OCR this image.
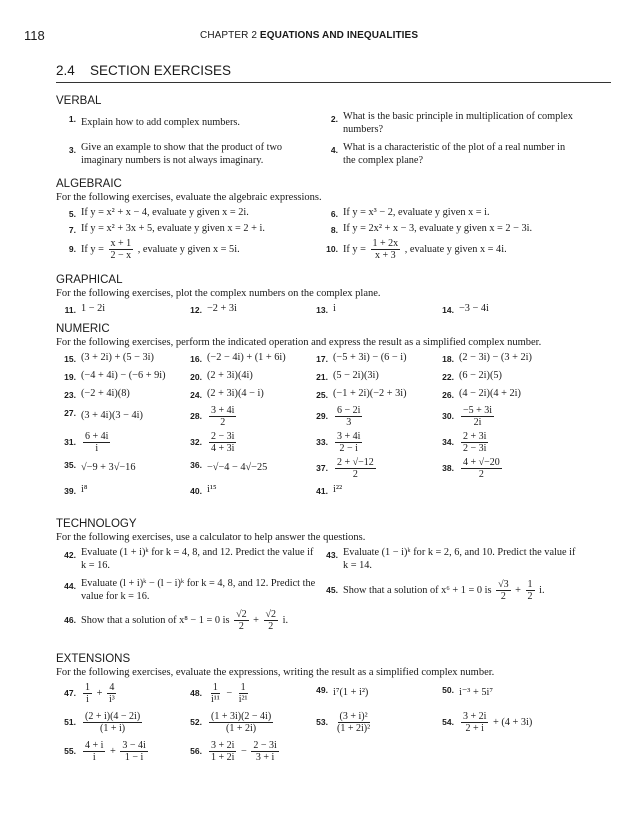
118	CHAPTER 2 EQUATIONS AND INEQUALITIES
2.4 SECTION EXERCISES
VERBAL
1. Explain how to add complex numbers.	2. What is the basic principle in multiplication of complex numbers?
3. Give an example to show that the product of two imaginary numbers is not always imaginary.
4. What is a characteristic of the plot of a real number in the complex plane?
ALGEBRAIC
For the following exercises, evaluate the algebraic expressions.
5. If y = x² + x − 4, evaluate y given x = 2i.	6. If y = x³ − 2, evaluate y given x = i.
7. If y = x² + 3x + 5, evaluate y given x = 2 + i.	8. If y = 2x² + x − 3, evaluate y given x = 2 − 3i.
9. If $y = \frac{x + 1}{2 - x}$ , evaluate y given x = 5i.	10. If $y = \frac{1 + 2x}{x + 3}$ , evaluate y given x = 4i.
GRAPHICAL
For the following exercises, plot the complex numbers on the complex plane.
11. 1 − 2i	12. −2 + 3i	13. i	14. −3 − 4i
NUMERIC
For the following exercises, perform the indicated operation and express the result as a simplified complex number.
15. (3 + 2i) + (5 − 3i)	16. (−2 − 4i) + (1 + 6i)	17. (−5 + 3i) − (6 − i)	18. (2 − 3i) − (3 + 2i)
19. (−4 + 4i) − (−6 + 9i)	20. (2 + 3i)(4i)	21. (5 − 2i)(3i)	22. (6 − 2i)(5)
23. (−2 + 4i)(8)	24. (2 + 3i)(4 − i)	25. (−1 + 2i)(−2 + 3i)	26. (4 − 2i)(4 + 2i)
27. (3 + 4i)(3 − 4i)	28. $\frac{3 + 4i}{2}$	29. $\frac{6 - 2i}{3}$	30. $\frac{-5 + 3i}{2i}$
31. $\frac{6 + 4i}{i}$	32. $\frac{2 - 3i}{4 + 3i}$	33. $\frac{3 + 4i}{2 - i}$	34. $\frac{2 + 3i}{2 - 3i}$
35. √−9 + 3√−16	36. −√−4 − 4√−25	37. $\frac{2 + √-12}{2}$	38. $\frac{4 + √-20}{2}$
39. i⁸	40. i¹⁵	41. i²²
TECHNOLOGY
For the following exercises, use a calculator to help answer the questions.
42. Evaluate (1 + i)ᵏ for k = 4, 8, and 12. Predict the value if k = 16.
43. Evaluate (1 − i)ᵏ for k = 2, 6, and 10. Predict the value if k = 14.
44. Evaluate (l + i)ᵏ − (l − i)ᵏ for k = 4, 8, and 12. Predict the value for k = 16.
45. Show that a solution of x⁶ + 1 = 0 is $\frac{√3}{2} + \frac{1}{2} i$.
46. Show that a solution of x⁸ − 1 = 0 is $\frac{√2}{2} + \frac{√2}{2} i$.
EXTENSIONS
For the following exercises, evaluate the expressions, writing the result as a simplified complex number.
47. $\frac{1}{i} + \frac{4}{\text{i³}}$	48. $\frac{1}{\text{i¹¹}} - \frac{1}{\text{i²¹}}$	49. i⁷(1 + i²)	50. i⁻³ + 5i⁷
51. $\frac{(2 + i)(4 - 2i)}{(1 + i)}$	52. $\frac{(1 + 3i)(2 - 4i)}{(1 + 2i)}$	53. $\frac{\text{(3 + i)²}}{\text{(1 + 2i)²}}$	54. $\frac{3 + 2i}{2 + i} + (4 + 3i)$
55. $\frac{4 + i}{i} + \frac{3 - 4i}{1 - i}$	56. $\frac{3 + 2i}{1 + 2i} - \frac{2 - 3i}{3 + i}$
